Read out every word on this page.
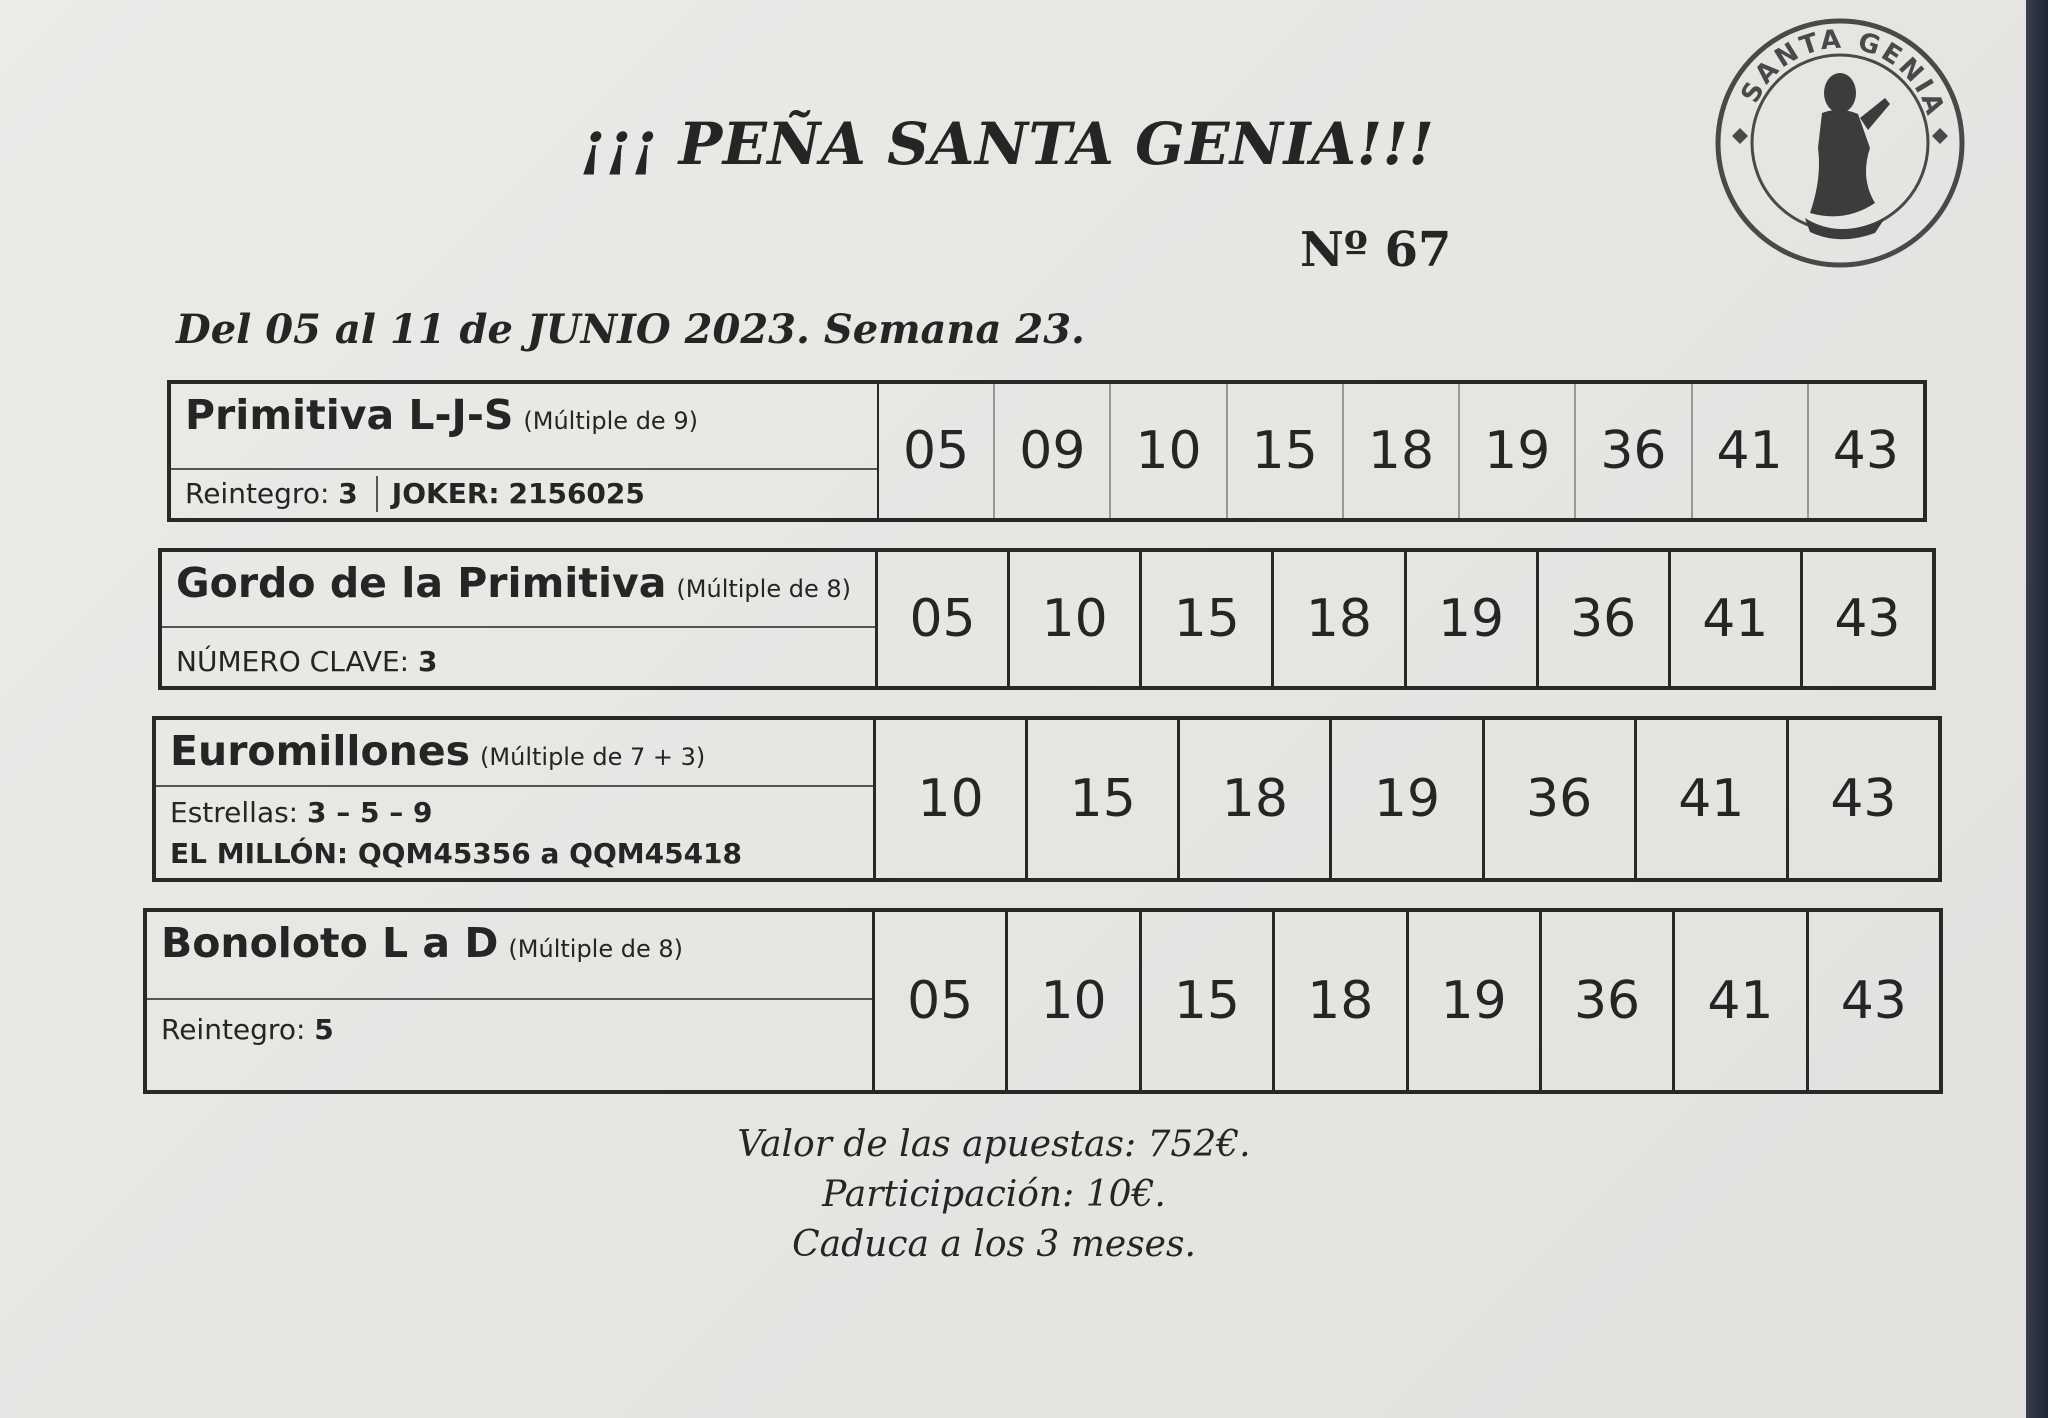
¡¡¡ PEÑA SANTA GENIA!!!
Nº 67
Del 05 al 11 de JUNIO 2023. Semana 23.
SANTA GENIA
Primitiva L-J-S (Múltiple de 9)
Reintegro: 3	JOKER: 2156025
05 09 10 15 18 19 36 41 43
Gordo de la Primitiva (Múltiple de 8)
NÚMERO CLAVE: 3
05	10	15	18	19	36	41	43
Euromillones (Múltiple de 7 + 3)
Estrellas: 3 – 5 – 9
EL MILLÓN: QQM45356 a QQM45418
10	15	18	19	36	41	43
Bonoloto L a D (Múltiple de 8)
Reintegro: 5	05	10	15	18	19	36	41	43
Valor de las apuestas: 752€.
Participación: 10€.
Caduca a los 3 meses.
